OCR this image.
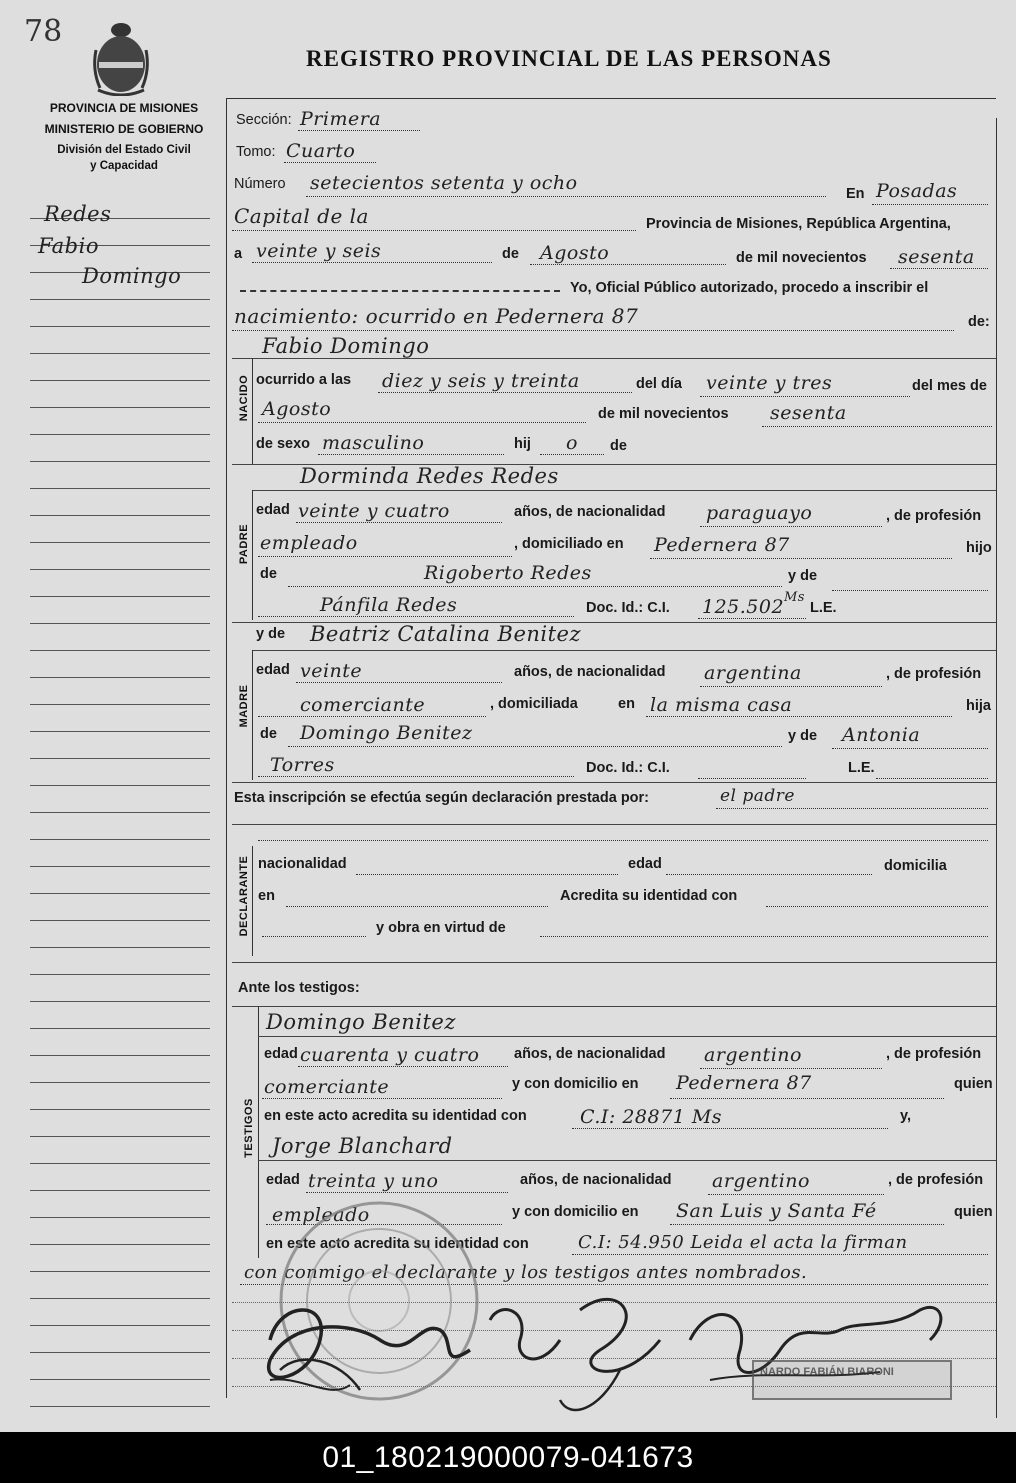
78
REGISTRO PROVINCIAL DE LAS PERSONAS
PROVINCIA DE MISIONES
MINISTERIO DE GOBIERNO
División del Estado Civil
y Capacidad
Redes
Fabio
Domingo
Sección: Primera
Tomo: Cuarto
Número setecientos setenta y ocho	En Posadas
Capital de la	Provincia de Misiones, República Argentina,
a veinte y seis	de Agosto	de mil novecientos sesenta
Yo, Oficial Público autorizado, procedo a inscribir el
nacimiento: ocurrido en Pedernera 87	de:
NACIDO
Fabio Domingo
ocurrido a las diez y seis y treinta	del día veinte y tres	del mes de
Agosto	de mil novecientos sesenta
de sexo masculino	hij o de
Dorminda Redes Redes
PADRE
edad veinte y cuatro	años, de nacionalidad paraguayo	, de profesión
empleado	, domiciliado en Pedernera 87	hijo
de	Rigoberto Redes	y de
Pánfila Redes	Doc. Id.: C.I. 125.502 Ms
L.E.
y de Beatriz Catalina Benitez
MADRE
edad veinte	años, de nacionalidad argentina	, de profesión
comerciante	, domiciliada	en la misma casa	hija
de Domingo Benitez	y de Antonia
Torres	Doc. Id.: C.I.	L.E.
Esta inscripción se efectúa según declaración prestada por:	el padre
DECLARANTE nacionalidad	edad	domicilia
en	Acredita su identidad con
y obra en virtud de
Ante los testigos:
TESTIGOS
Domingo Benitez
edad cuarenta y cuatro años, de nacionalidad argentino	, de profesión
comerciante	y con domicilio en Pedernera 87	quien
en este acto acredita su identidad con	C.I: 28871 Ms	y,
Jorge Blanchard
edad treinta y uno	años, de nacionalidad argentino	, de profesión
empleado	y con domicilio en San Luis y Santa Fé	quien
en este acto acredita su identidad con	C.I: 54.950 Leida el acta la firman
con conmigo el declarante y los testigos antes nombrados.
NARDO FABIÁN BIARONI
01_180219000079-041673
